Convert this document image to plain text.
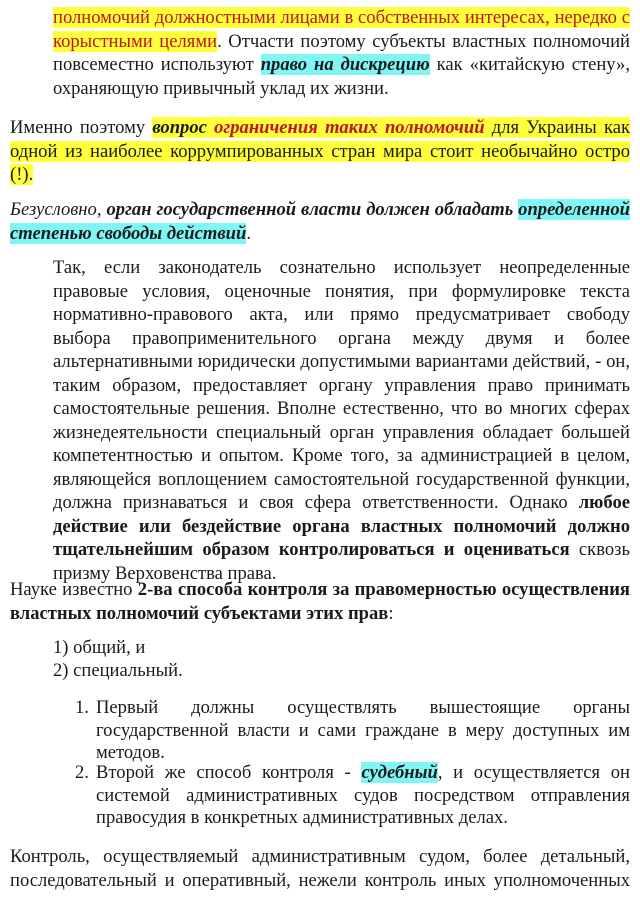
полномочий должностными лицами в собственных интересах, нередко с корыстными целями. Отчасти поэтому субъекты властных полномочий повсеместно используют право на дискрецию как «китайскую стену», охраняющую привычный уклад их жизни.

Именно поэтому вопрос ограничения таких полномочий для Украины как одной из наиболее коррумпированных стран мира стоит необычайно остро (!).

Безусловно, орган государственной власти должен обладать определенной степенью свободы действий.

Так, если законодатель сознательно использует неопределенные правовые условия, оценочные понятия, при формулировке текста нормативно-правового акта, или прямо предусматривает свободу выбора правоприменительного органа между двумя и более альтернативными юридически допустимыми вариантами действий, - он, таким образом, предоставляет органу управления право принимать самостоятельные решения. Вполне естественно, что во многих сферах жизнедеятельности специальный орган управления обладает большей компетентностью и опытом. Кроме того, за администрацией в целом, являющейся воплощением самостоятельной государственной функции, должна признаваться и своя сфера ответственности. Однако любое действие или бездействие органа властных полномочий должно тщательнейшим образом контролироваться и оцениваться сквозь призму Верховенства права.

Науке известно 2-ва способа контроля за правомерностью осуществления властных полномочий субъектами этих прав:

1) общий, и

2) специальный.

1. Первый должны осуществлять вышестоящие органы государственной власти и сами граждане в меру доступных им методов.
2. Второй же способ контроля - судебный, и осуществляется он системой административных судов посредством отправления правосудия в конкретных административных делах.

Контроль, осуществляемый административным судом, более детальный, последовательный и оперативный, нежели контроль иных уполномоченных
